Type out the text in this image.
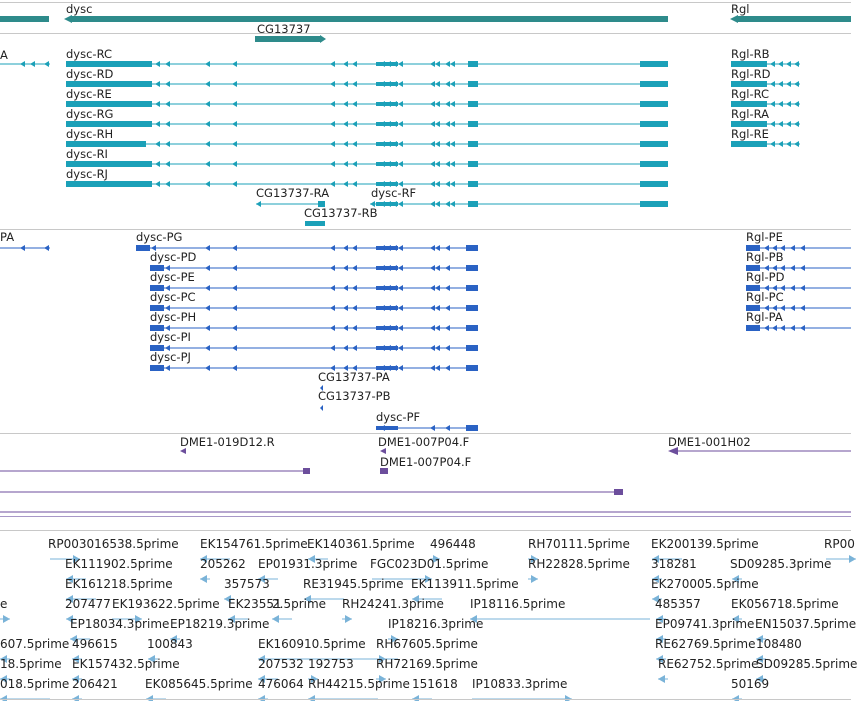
dysc
CG13737
Rgl
A	dysc-RC
dysc-RD
dysc-RE
dysc-RG
dysc-RH
dysc-RI
dysc-RJ
Rgl-RB
Rgl-RD
Rgl-RC
Rgl-RA
Rgl-RE
CG13737-RA	dysc-RF
CG13737-RB
PA	dysc-PG
dysc-PD
dysc-PE
dysc-PC
dysc-PH
dysc-PI
dysc-PJ
Rgl-PE
Rgl-PB
Rgl-PD
Rgl-PC
Rgl-PA
CG13737-PA
CG13737-PB
dysc-PF
DME1-019D12.R	DME1-007P04.F
DME1-007P04.F
DME1-001H02
RP003016538.5prime EK154761.5prime EK140361.5prime 496448	RH70111.5prime EK200139.5prime	RP00
EK111902.5prime 205262 EP01931.3prime FGC023D01.5prime	RH22828.5prime 318281	SD09285.3prime
EK161218.5prime	357573	RE31945.5prime EK113911.5prime	EK270005.5prime
e	207477 EK193622.5prime EK23551
2.5prime RH24241.3prime IP18116.5prime	485357	EK056718.5prime
EP18034.3prime EP18219.3prime	IP18216.3prime	EP09741.3prime EN15037.5prime
607.5prime 496615 100843	EK160910.5prime RH67605.5prime	RE62769.5prime 108480
18.5prime EK157432.5prime	207532 192753 RH72169.5prime	RE62752.5prime
SD09285.5prime
018.5prime 206421 EK085645.5prime 476064 RH44215.5prime 151618 IP10833.3prime	50169
